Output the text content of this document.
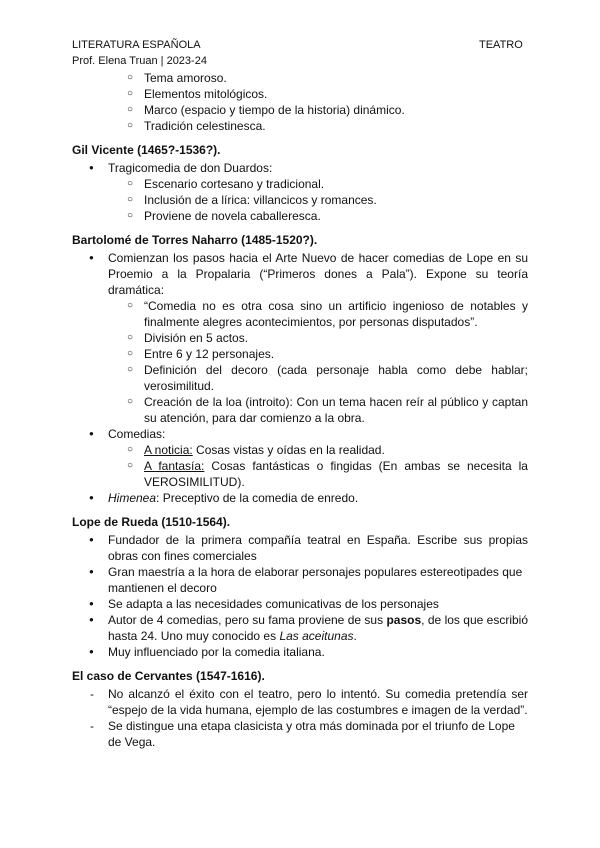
LITERATURA ESPAÑOLA
Prof. Elena Truan | 2023-24
TEATRO
○ Tema amoroso.
○ Elementos mitológicos.
○ Marco (espacio y tiempo de la historia) dinámico.
○ Tradición celestinesca.
Gil Vicente (1465?-1536?).
● Tragicomedia de don Duardos:
○ Escenario cortesano y tradicional.
○ Inclusión de a lírica: villancicos y romances.
○ Proviene de novela caballeresca.
Bartolomé de Torres Naharro (1485-1520?).
● Comienzan los pasos hacia el Arte Nuevo de hacer comedias de Lope en su Proemio a la Propalaria (“Primeros dones a Pala”). Expone su teoría dramática:
○ “Comedia no es otra cosa sino un artificio ingenioso de notables y finalmente alegres acontecimientos, por personas disputados”.
○ División en 5 actos.
○ Entre 6 y 12 personajes.
○ Definición del decoro (cada personaje habla como debe hablar; verosimilitud.
○ Creación de la loa (introito): Con un tema hacen reír al público y captan su atención, para dar comienzo a la obra.
● Comedias:
○ A noticia: Cosas vistas y oídas en la realidad.
○ A fantasía: Cosas fantásticas o fingidas (En ambas se necesita la VEROSIMILITUD).
● Himenea: Preceptivo de la comedia de enredo.
Lope de Rueda (1510-1564).
● Fundador de la primera compañía teatral en España. Escribe sus propias obras con fines comerciales
● Gran maestría a la hora de elaborar personajes populares estereotipades que mantienen el decoro
● Se adapta a las necesidades comunicativas de los personajes
● Autor de 4 comedias, pero su fama proviene de sus pasos, de los que escribió hasta 24. Uno muy conocido es Las aceitunas.
● Muy influenciado por la comedia italiana.
El caso de Cervantes (1547-1616).
- No alcanzó el éxito con el teatro, pero lo intentó. Su comedia pretendía ser “espejo de la vida humana, ejemplo de las costumbres e imagen de la verdad”.
- Se distingue una etapa clasicista y otra más dominada por el triunfo de Lope de Vega.
